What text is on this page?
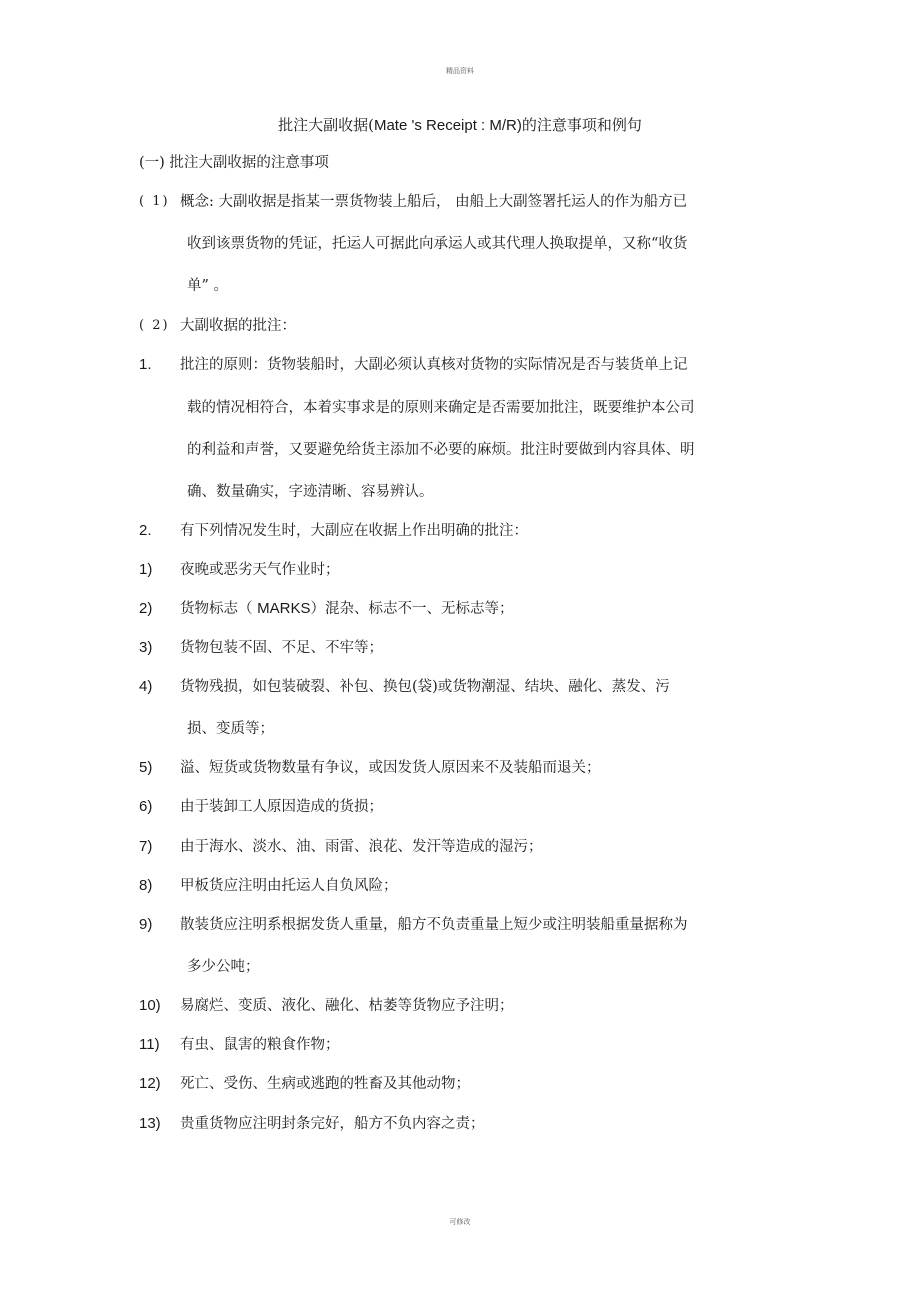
精品资料
批注大副收据(Mate 's Receipt : M/R)的注意事项和例句
(一) 批注大副收据的注意事项
( 1) 概念: 大副收据是指某一票货物装上船后， 由船上大副签署托运人的作为船方已
收到该票货物的凭证，托运人可据此向承运人或其代理人换取提单，又称“收货
单” 。
( 2) 大副收据的批注：
1. 批注的原则：货物装船时，大副必须认真核对货物的实际情况是否与装货单上记
载的情况相符合，本着实事求是的原则来确定是否需要加批注，既要维护本公司
的利益和声誉，又要避免给货主添加不必要的麻烦。批注时要做到内容具体、明
确、数量确实，字迹清晰、容易辨认。
2. 有下列情况发生时，大副应在收据上作出明确的批注：
1) 夜晚或恶劣天气作业时；
2) 货物标志（ MARKS）混杂、标志不一、无标志等；
3) 货物包装不固、不足、不牢等；
4) 货物残损，如包装破裂、补包、换包(袋)或货物潮湿、结块、融化、蒸发、污
损、变质等；
5) 溢、短货或货物数量有争议，或因发货人原因来不及装船而退关；
6) 由于装卸工人原因造成的货损；
7) 由于海水、淡水、油、雨雷、浪花、发汗等造成的湿污；
8) 甲板货应注明由托运人自负风险；
9) 散装货应注明系根据发货人重量，船方不负责重量上短少或注明装船重量据称为
多少公吨；
10) 易腐烂、变质、液化、融化、枯萎等货物应予注明；
11) 有虫、鼠害的粮食作物；
12) 死亡、受伤、生病或逃跑的牲畜及其他动物；
13) 贵重货物应注明封条完好，船方不负内容之责；
可修改
